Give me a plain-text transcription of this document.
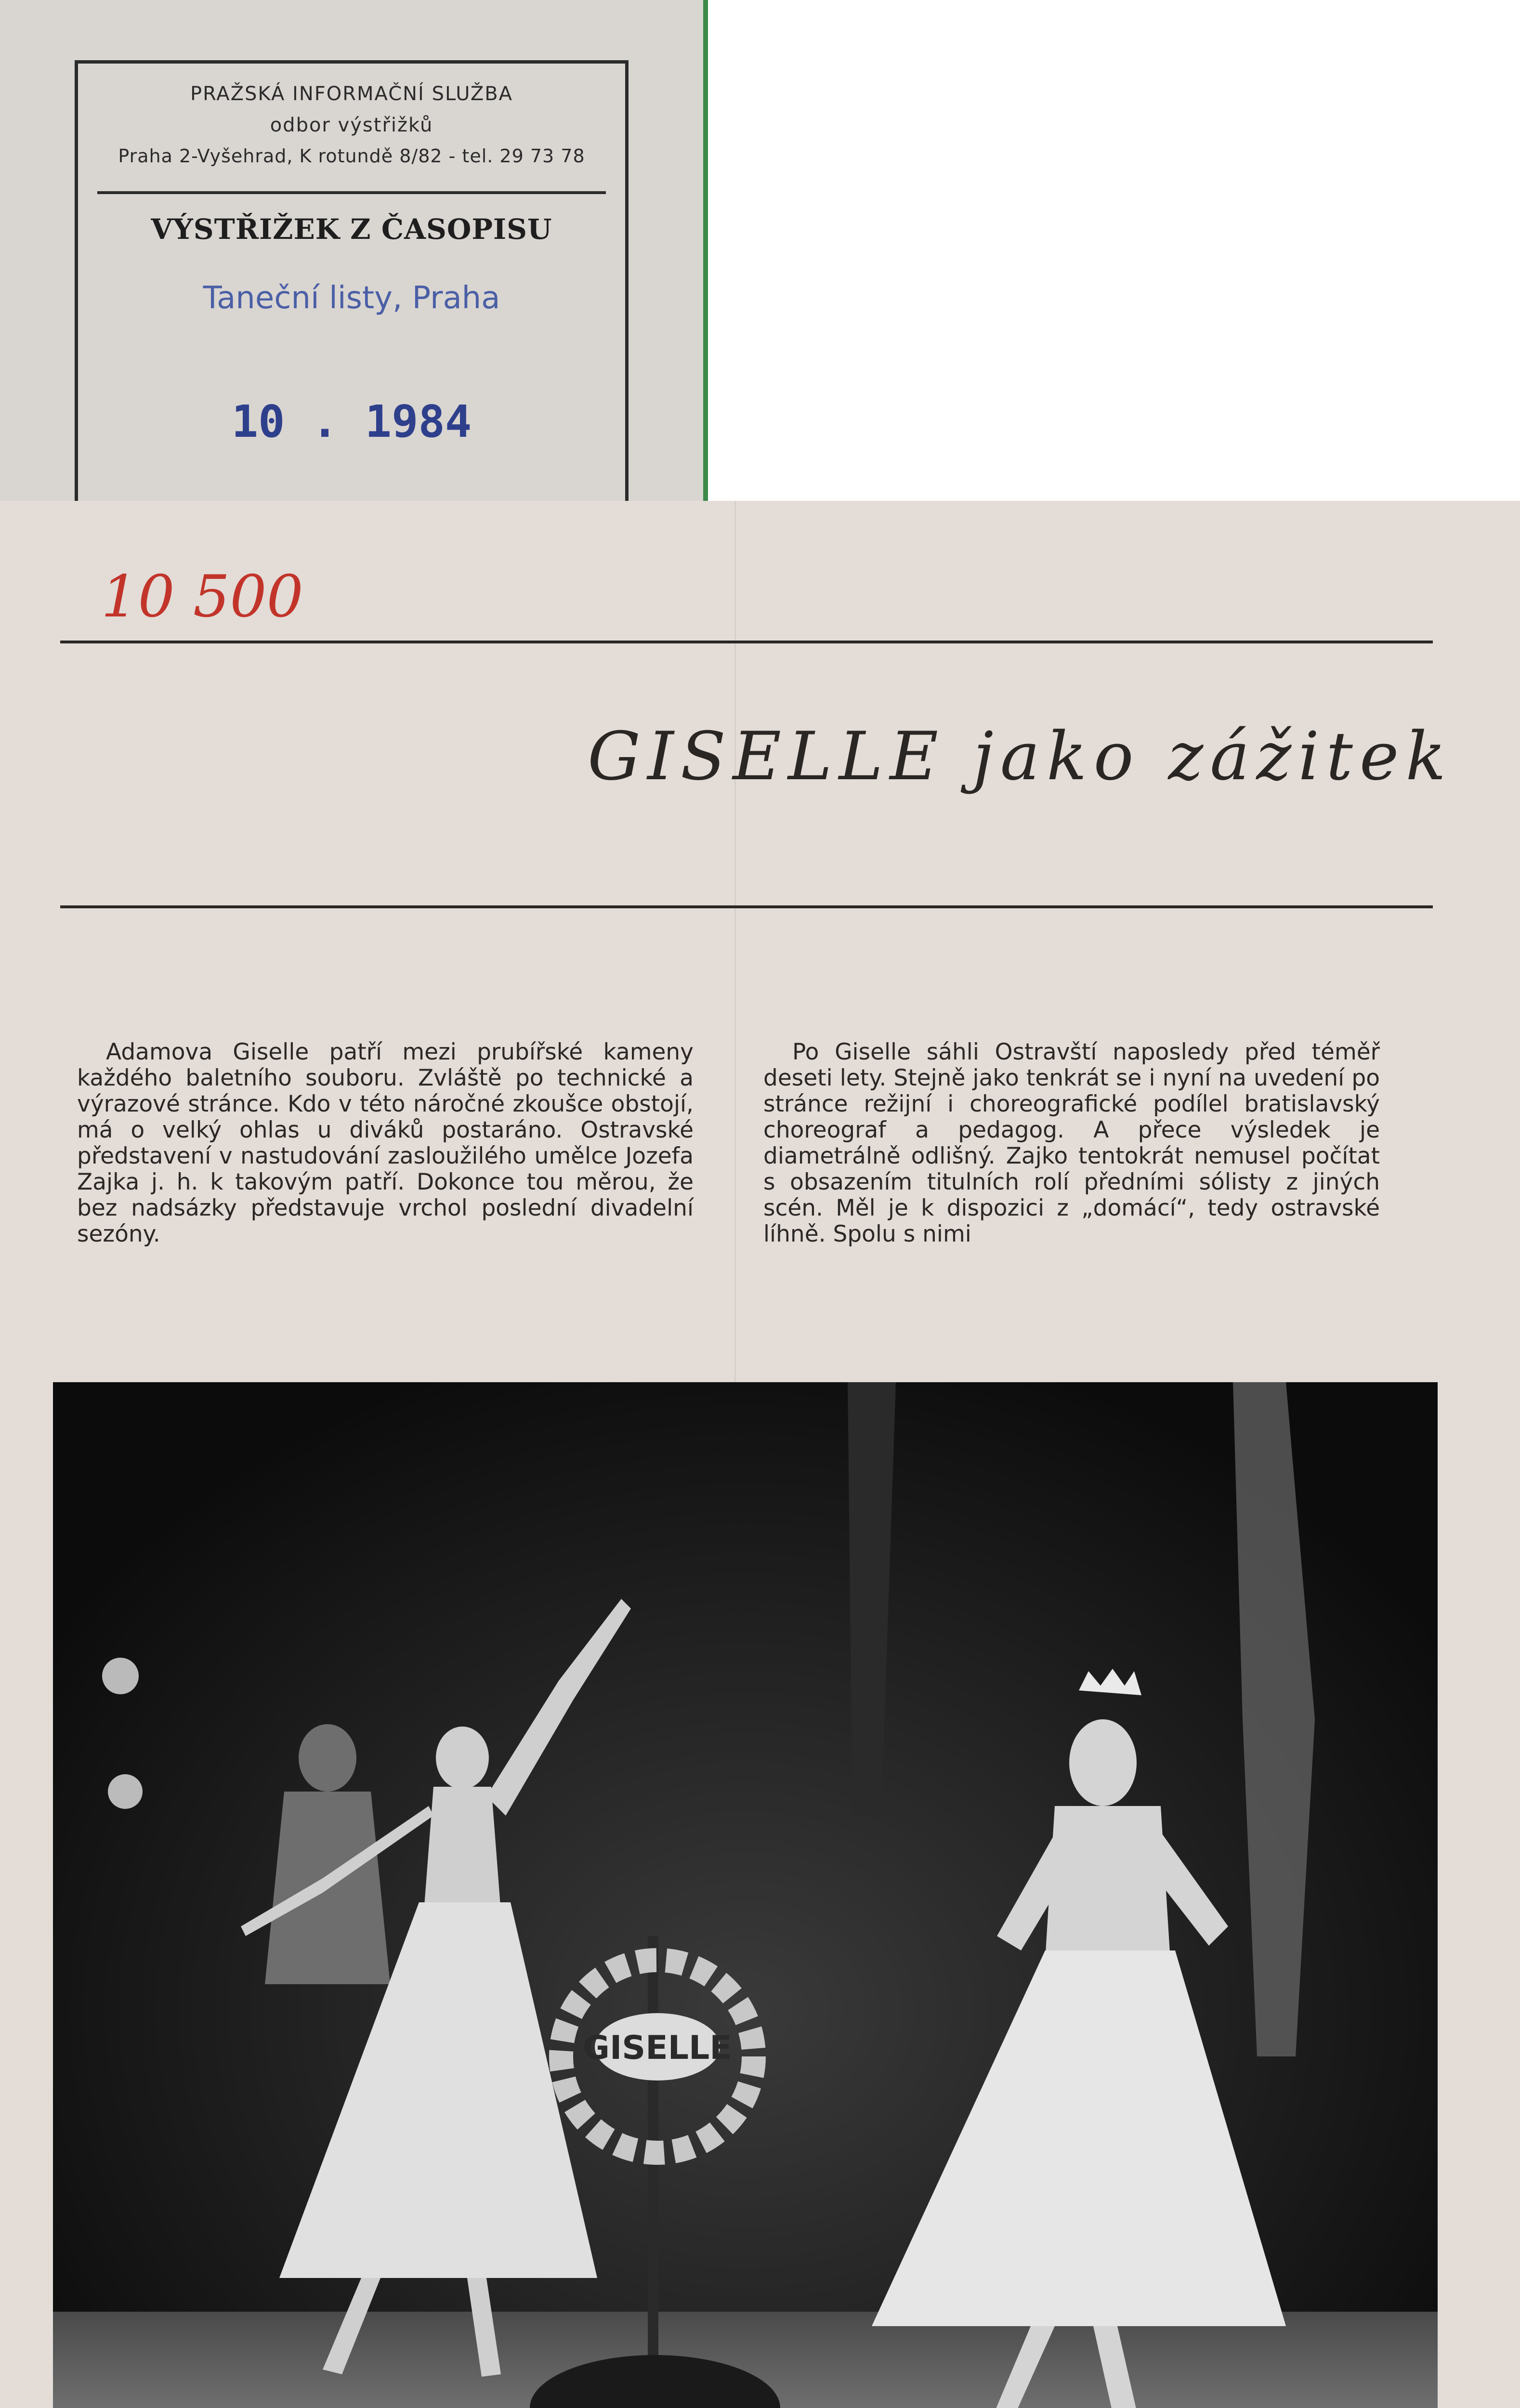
PRAŽSKÁ INFORMAČNÍ SLUŽBA
odbor výstřižků
Praha 2-Vyšehrad, K rotundě 8/82 - tel. 29 73 78
VÝSTŘIŽEK Z ČASOPISU
Taneční listy, Praha
10 . 1984
10 500
GISELLE jako zážitek

Adamova Giselle patří mezi prubířské kameny každého baletního souboru. Zvláště po technické a výrazové stránce. Kdo v této náročné zkoušce obstojí, má o velký ohlas u diváků postaráno. Ostravské představení v nastudování zasloužilého umělce Jozefa Zajka j. h. k takovým patří. Dokonce tou měrou, že bez nadsázky představuje vrchol poslední divadelní sezóny.

Po Giselle sáhli Ostravští naposledy před téměř deseti lety. Stejně jako tenkrát se i nyní na uvedení po stránce režijní i choreografické podílel bratislavský choreograf a pedagog. A přece výsledek je diametrálně odlišný. Zajko tentokrát nemusel počítat s obsazením titulních rolí předními sólisty z jiných scén. Měl je k dispozici z „domácí“, tedy ostravské líhně. Spolu s nimi

GISELLE
